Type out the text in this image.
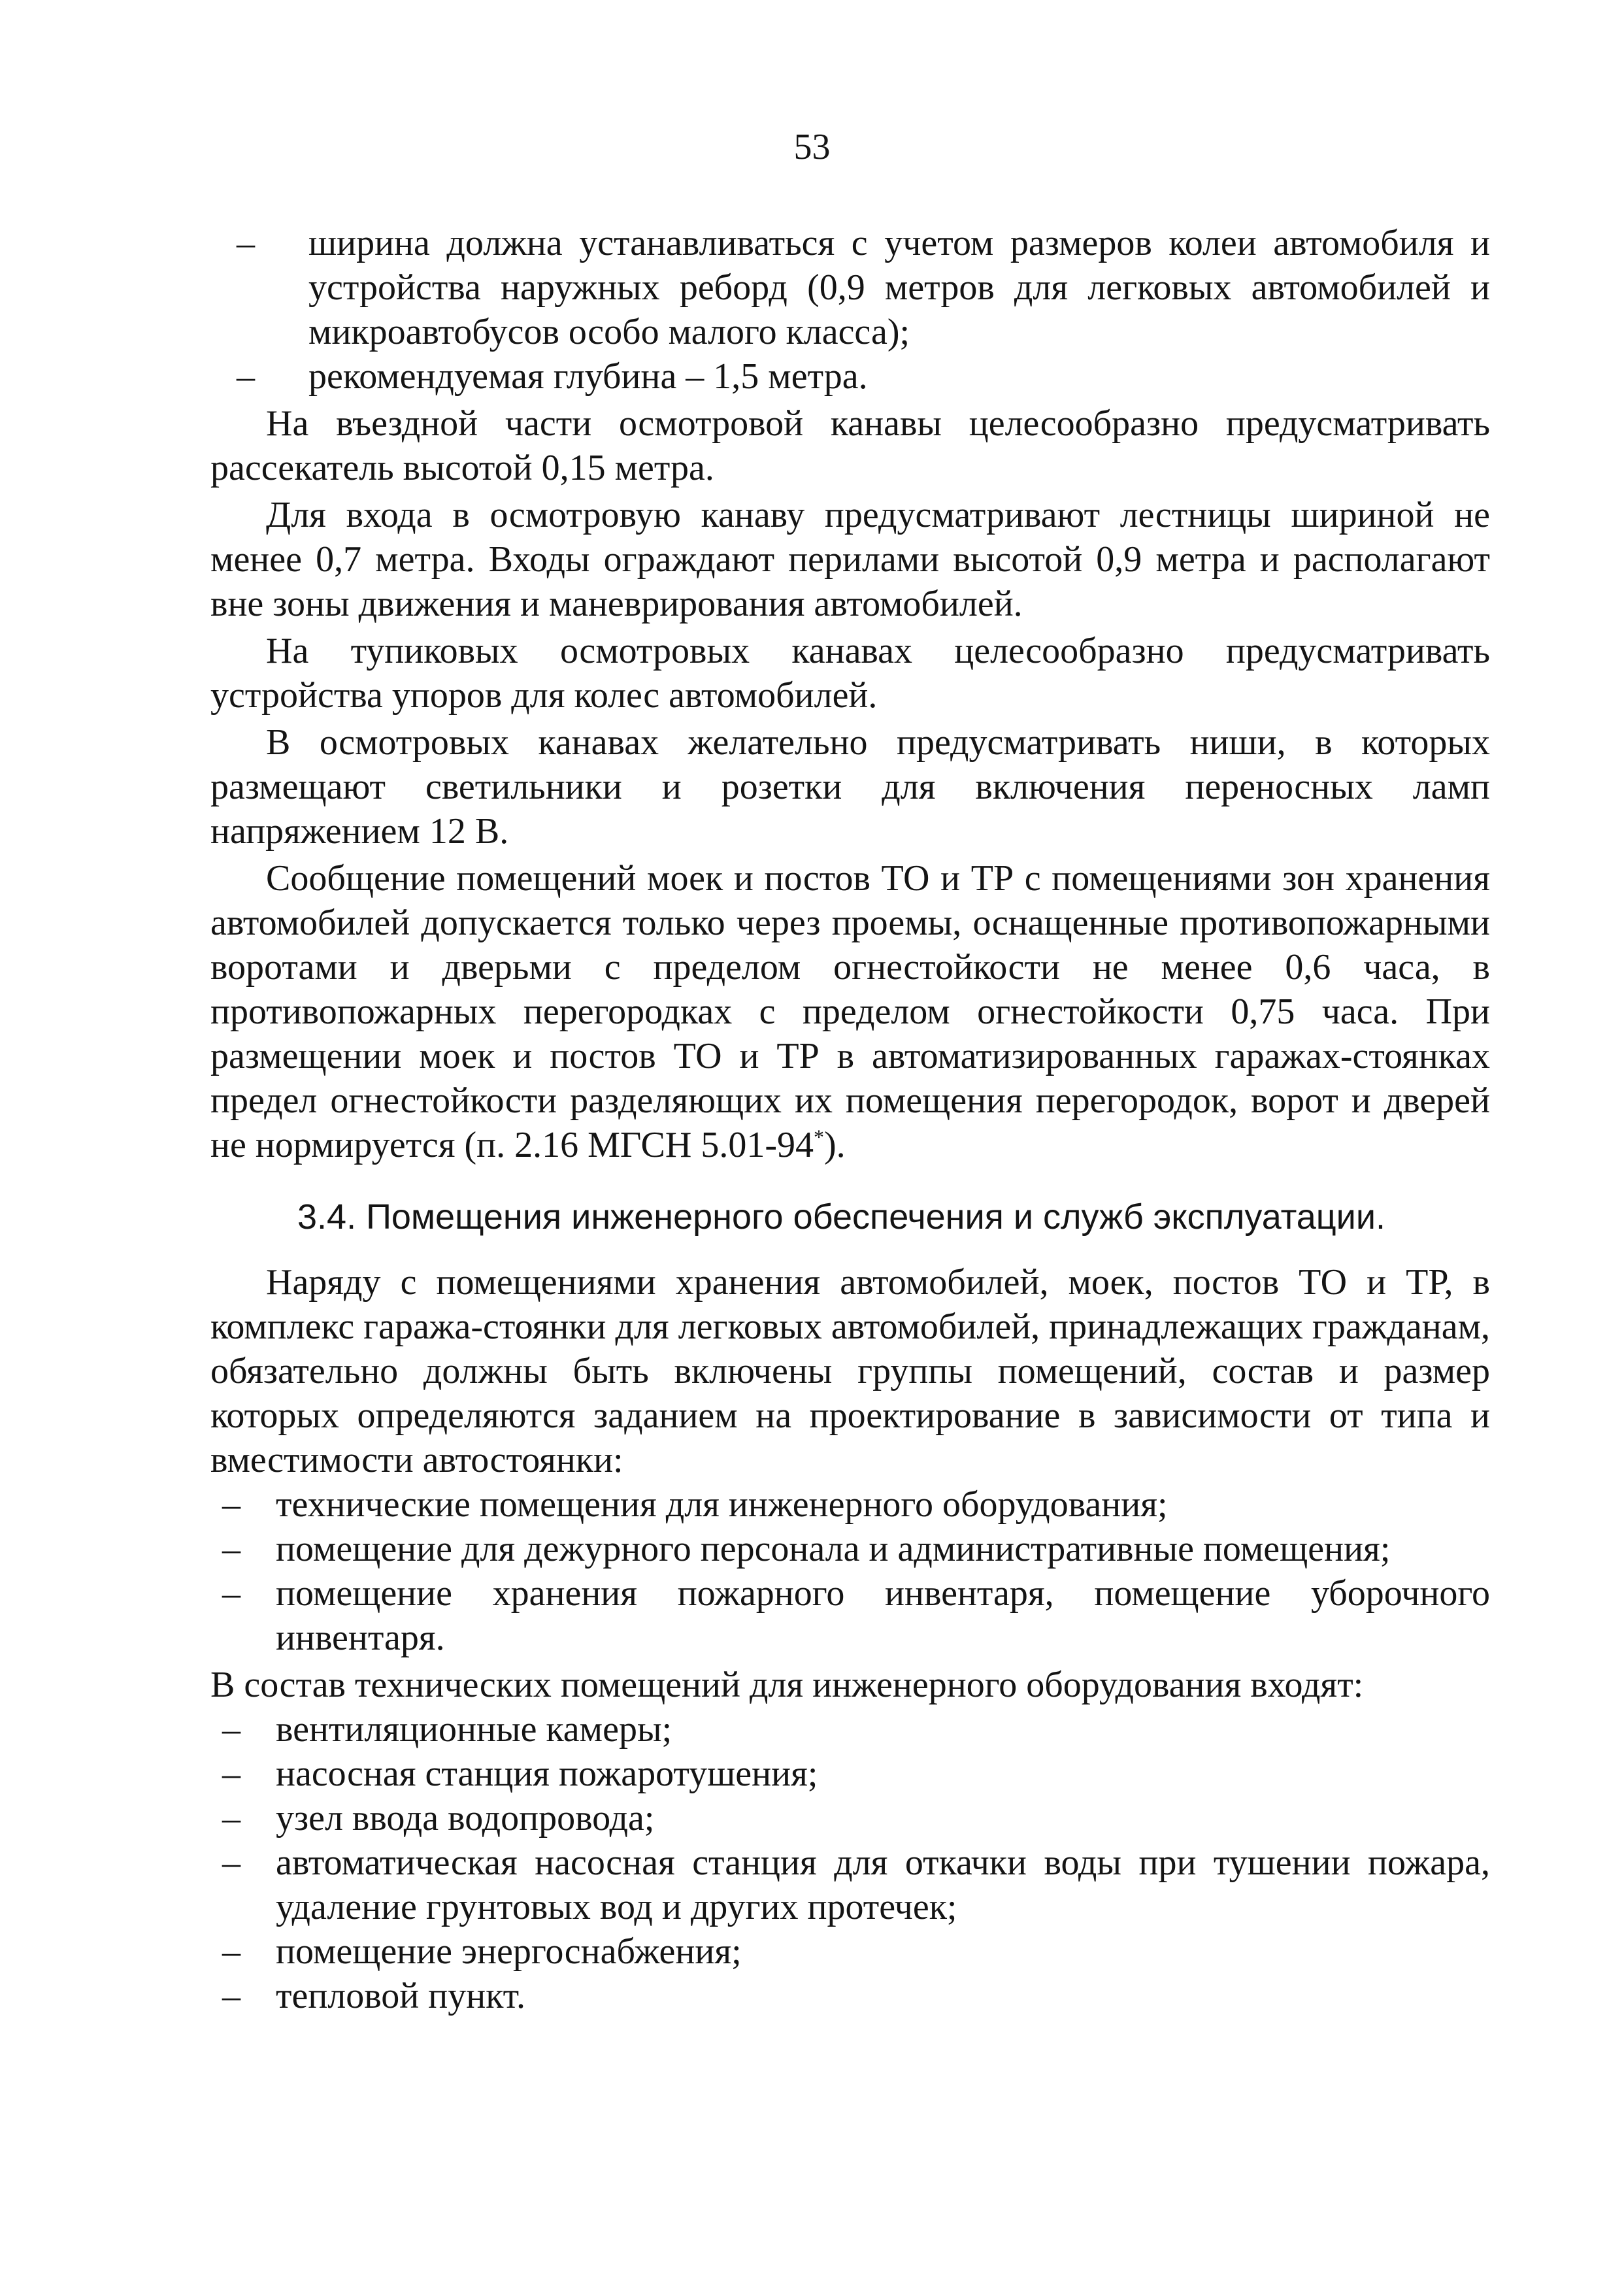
53
– ширина должна устанавливаться с учетом размеров колеи автомобиля и устройства наружных реборд (0,9 метров для легковых автомобилей и микроавтобусов особо малого класса);
– рекомендуемая глубина – 1,5 метра.
На въездной части осмотровой канавы целесообразно предусматривать рассекатель высотой 0,15 метра.
Для входа в осмотровую канаву предусматривают лестницы шириной не менее 0,7 метра. Входы ограждают перилами высотой 0,9 метра и располагают вне зоны движения и маневрирования автомобилей.
На тупиковых осмотровых канавах целесообразно предусматривать устройства упоров для колес автомобилей.
В осмотровых канавах желательно предусматривать ниши, в которых размещают светильники и розетки для включения переносных ламп напряжением 12 В.
Сообщение помещений моек и постов ТО и ТР с помещениями зон хранения автомобилей допускается только через проемы, оснащенные противопожарными воротами и дверьми с пределом огнестойкости не менее 0,6 часа, в противопожарных перегородках с пределом огнестойкости 0,75 часа. При размещении моек и постов ТО и ТР в автоматизированных гаражах-стоянках предел огнестойкости разделяющих их помещения перегородок, ворот и дверей не нормируется (п. 2.16 МГСН 5.01-94*).
3.4. Помещения инженерного обеспечения и служб эксплуатации.
Наряду с помещениями хранения автомобилей, моек, постов ТО и ТР, в комплекс гаража-стоянки для легковых автомобилей, принадлежащих гражданам, обязательно должны быть включены группы помещений, состав и размер которых определяются заданием на проектирование в зависимости от типа и вместимости автостоянки:
– технические помещения для инженерного оборудования;
– помещение для дежурного персонала и административные помещения;
– помещение хранения пожарного инвентаря, помещение уборочного инвентаря.
В состав технических помещений для инженерного оборудования входят:
– вентиляционные камеры;
– насосная станция пожаротушения;
– узел ввода водопровода;
– автоматическая насосная станция для откачки воды при тушении пожара, удаление грунтовых вод и других протечек;
– помещение энергоснабжения;
– тепловой пункт.
